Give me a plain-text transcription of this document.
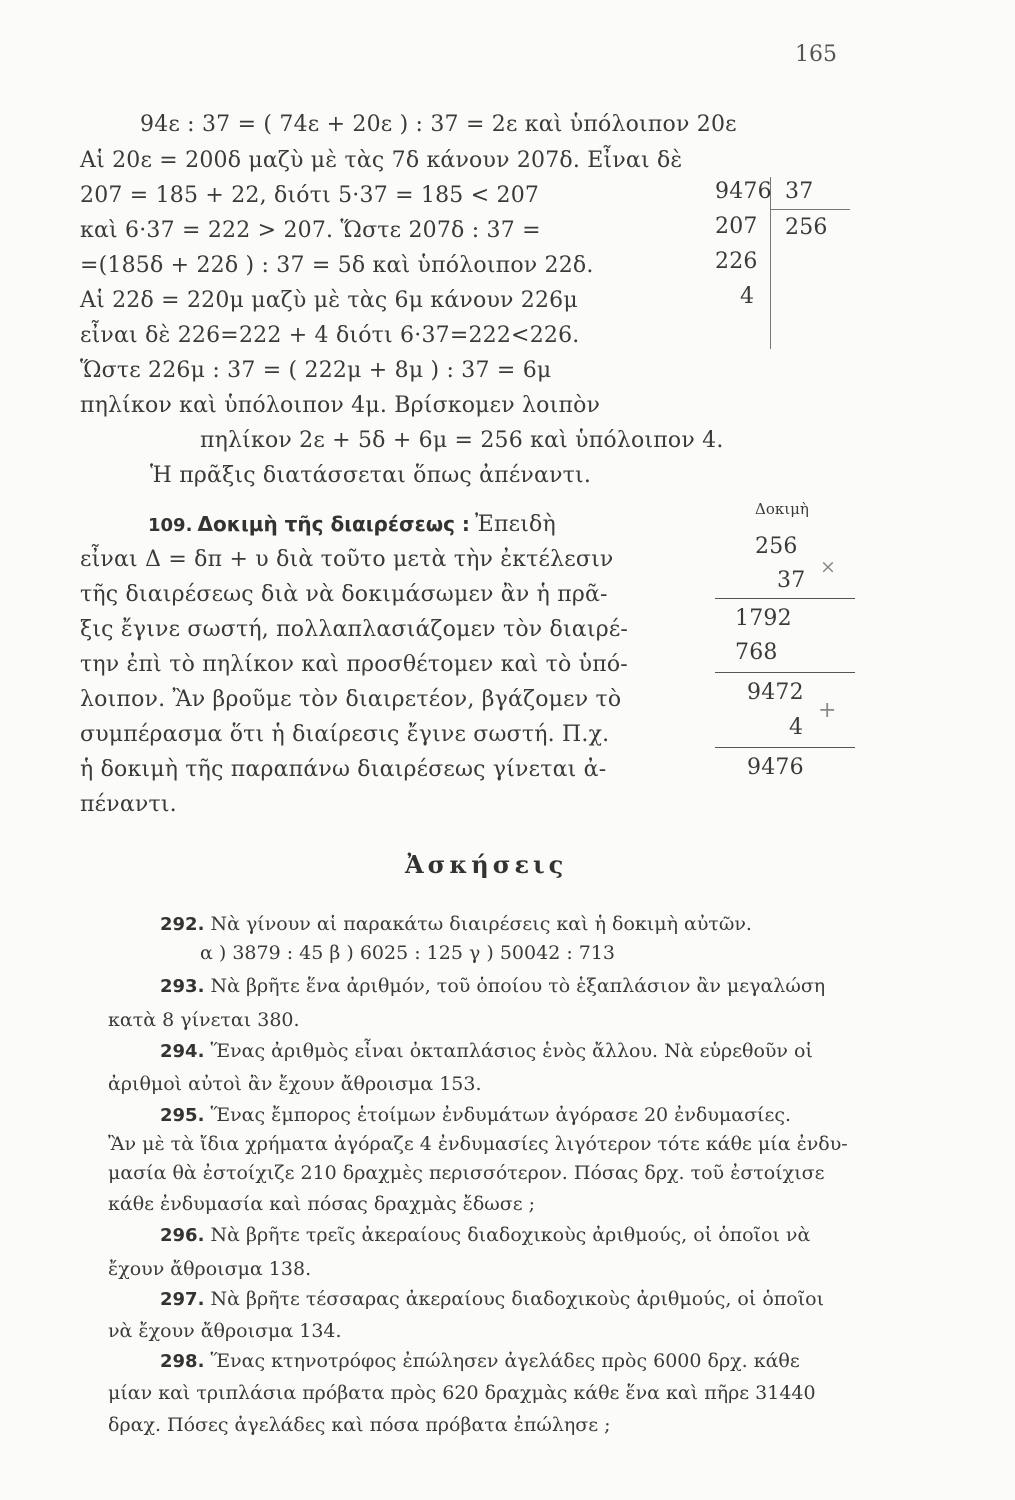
165
94ε : 37 = ( 74ε + 20ε ) : 37 = 2ε καὶ ὑπόλοιπον 20ε
Αἱ 20ε = 200δ μαζὺ μὲ τὰς 7δ κάνουν 207δ. Εἶναι δὲ
207 = 185 + 22, διότι 5·37 = 185 < 207
καὶ 6·37 = 222 > 207. Ὥστε 207δ : 37 =
=(185δ + 22δ ) : 37 = 5δ καὶ ὑπόλοιπον 22δ.
Αἱ 22δ = 220μ μαζὺ μὲ τὰς 6μ κάνουν 226μ
εἶναι δὲ 226=222 + 4 διότι 6·37=222<226.
Ὥστε 226μ : 37 = ( 222μ + 8μ ) : 37 = 6μ
πηλίκον καὶ ὑπόλοιπον 4μ. Βρίσκομεν λοιπὸν
πηλίκον 2ε + 5δ + 6μ = 256 καὶ ὑπόλοιπον 4.
Ἡ πρᾶξις διατάσσεται ὅπως ἀπέναντι.
9476 37
256
207
226
4
109. Δοκιμὴ τῆς διαιρέσεως : Ἐπειδὴ
εἶναι Δ = δπ + υ διὰ τοῦτο μετὰ τὴν ἐκτέλεσιν
τῆς διαιρέσεως διὰ νὰ δοκιμάσωμεν ἂν ἡ πρᾶ-
ξις ἔγινε σωστή, πολλαπλασιάζομεν τὸν διαιρέ-
την ἐπὶ τὸ πηλίκον καὶ προσθέτομεν καὶ τὸ ὑπό-
λοιπον. Ἂν βροῦμε τὸν διαιρετέον, βγάζομεν τὸ
συμπέρασμα ὅτι ἡ διαίρεσις ἔγινε σωστή. Π.χ.
ἡ δοκιμὴ τῆς παραπάνω διαιρέσεως γίνεται ἀ-
πέναντι.
Δοκιμὴ
256
×
37
1792
768
9472
+
4
9476
Ἀσκήσεις
292. Νὰ γίνουν αἱ παρακάτω διαιρέσεις καὶ ἡ δοκιμὴ αὐτῶν.
α ) 3879 : 45 β ) 6025 : 125 γ ) 50042 : 713
293. Νὰ βρῆτε ἕνα ἀριθμόν, τοῦ ὁποίου τὸ ἑξαπλάσιον ἂν μεγαλώση
κατὰ 8 γίνεται 380.
294. Ἕνας ἀριθμὸς εἶναι ὀκταπλάσιος ἑνὸς ἄλλου. Νὰ εὑρεθοῦν οἱ
ἀριθμοὶ αὐτοὶ ἂν ἔχουν ἄθροισμα 153.
295. Ἕνας ἔμπορος ἑτοίμων ἐνδυμάτων ἀγόρασε 20 ἐνδυμασίες.
Ἂν μὲ τὰ ἴδια χρήματα ἀγόραζε 4 ἐνδυμασίες λιγότερον τότε κάθε μία ἐνδυ-
μασία θὰ ἐστοίχιζε 210 δραχμὲς περισσότερον. Πόσας δρχ. τοῦ ἐστοίχισε
κάθε ἐνδυμασία καὶ πόσας δραχμὰς ἔδωσε ;
296. Νὰ βρῆτε τρεῖς ἀκεραίους διαδοχικοὺς ἀριθμούς, οἱ ὁποῖοι νὰ
ἔχουν ἄθροισμα 138.
297. Νὰ βρῆτε τέσσαρας ἀκεραίους διαδοχικοὺς ἀριθμούς, οἱ ὁποῖοι
νὰ ἔχουν ἄθροισμα 134.
298. Ἕνας κτηνοτρόφος ἐπώλησεν ἀγελάδες πρὸς 6000 δρχ. κάθε
μίαν καὶ τριπλάσια πρόβατα πρὸς 620 δραχμὰς κάθε ἕνα καὶ πῆρε 31440
δραχ. Πόσες ἀγελάδες καὶ πόσα πρόβατα ἐπώλησε ;
